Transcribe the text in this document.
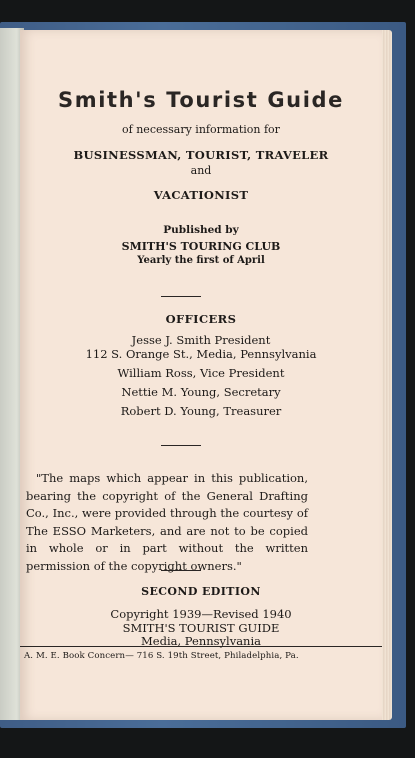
Smith's Tourist Guide
of necessary information for
BUSINESSMAN, TOURIST, TRAVELER
and
VACATIONIST
Published by
SMITH'S TOURING CLUB
Yearly the first of April
OFFICERS
Jesse J. Smith President
112 S. Orange St., Media, Pennsylvania
William Ross, Vice President
Nettie M. Young, Secretary
Robert D. Young, Treasurer
"The maps which appear in this publication, bearing the copyright of the General Drafting Co., Inc., were provided through the courtesy of The ESSO Marketers, and are not to be copied in whole or in part without the written permission of the copyright owners."
SECOND EDITION
Copyright 1939—Revised 1940
SMITH'S TOURIST GUIDE
Media, Pennsylvania
A. M. E. Book Concern— 716 S. 19th Street, Philadelphia, Pa.
